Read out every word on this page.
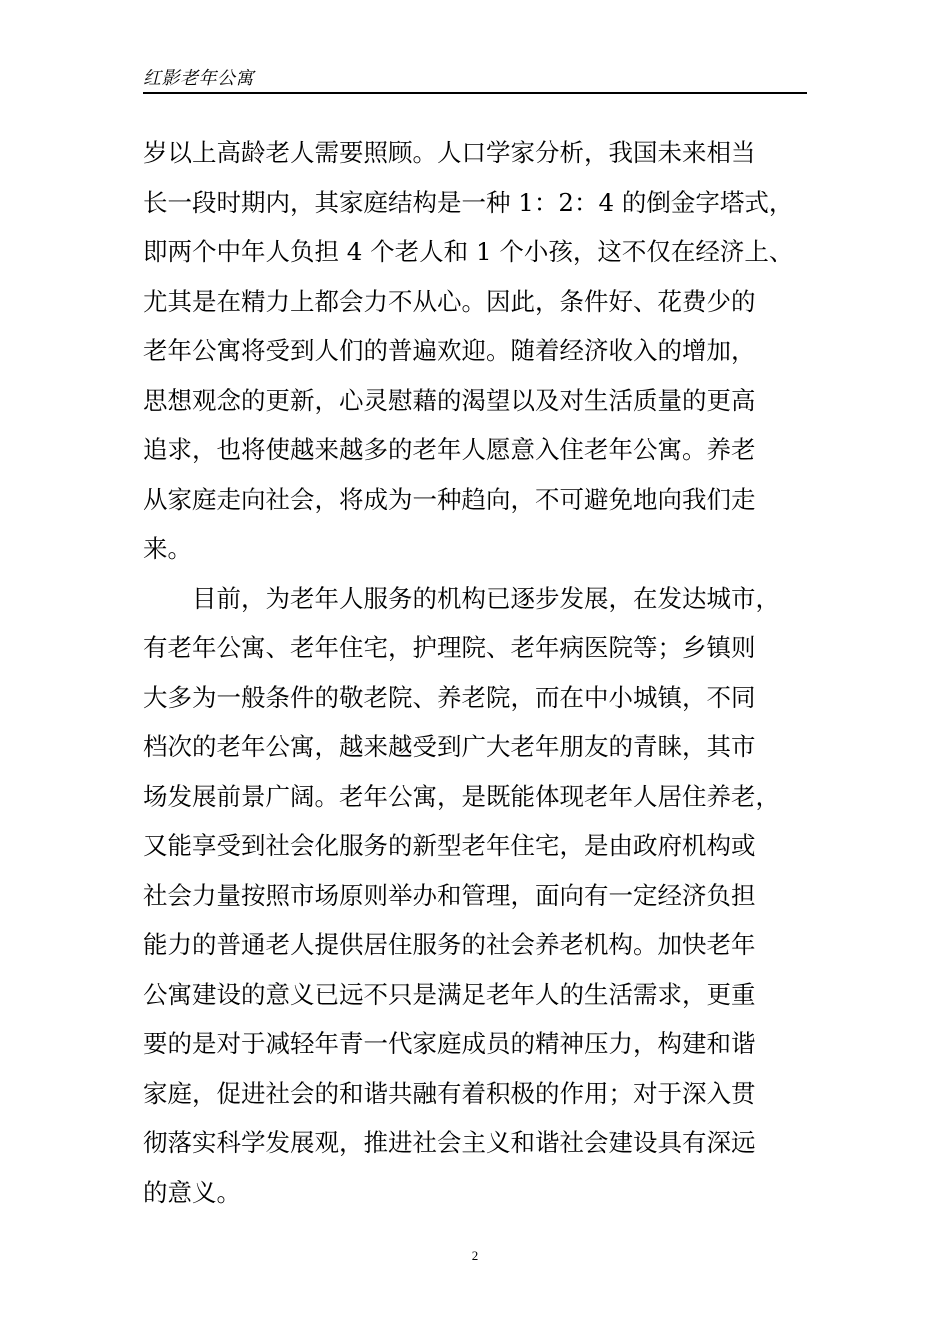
红影老年公寓
岁以上高龄老人需要照顾。人口学家分析，我国未来相当
长一段时期内，其家庭结构是一种 1：2：4 的倒金字塔式，
即两个中年人负担 4 个老人和 1 个小孩，这不仅在经济上、
尤其是在精力上都会力不从心。因此，条件好、花费少的
老年公寓将受到人们的普遍欢迎。随着经济收入的增加，
思想观念的更新，心灵慰藉的渴望以及对生活质量的更高
追求，也将使越来越多的老年人愿意入住老年公寓。养老
从家庭走向社会，将成为一种趋向，不可避免地向我们走
来。
　　目前，为老年人服务的机构已逐步发展，在发达城市，
有老年公寓、老年住宅，护理院、老年病医院等；乡镇则
大多为一般条件的敬老院、养老院，而在中小城镇，不同
档次的老年公寓，越来越受到广大老年朋友的青睐，其市
场发展前景广阔。老年公寓，是既能体现老年人居住养老，
又能享受到社会化服务的新型老年住宅，是由政府机构或
社会力量按照市场原则举办和管理，面向有一定经济负担
能力的普通老人提供居住服务的社会养老机构。加快老年
公寓建设的意义已远不只是满足老年人的生活需求，更重
要的是对于减轻年青一代家庭成员的精神压力，构建和谐
家庭，促进社会的和谐共融有着积极的作用；对于深入贯
彻落实科学发展观，推进社会主义和谐社会建设具有深远
的意义。
2
